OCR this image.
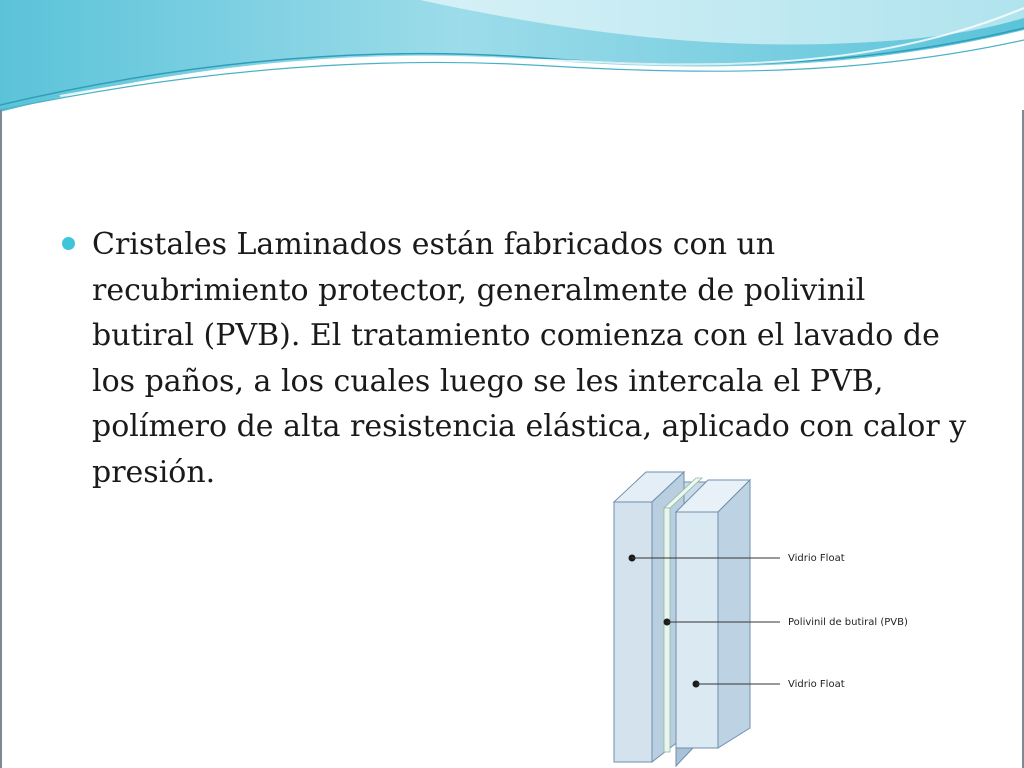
Cristales Laminados están fabricados con un recubrimiento protector, generalmente de polivinil butiral (PVB). El tratamiento comienza con el lavado de los paños, a los cuales luego se les intercala el PVB, polímero de alta resistencia elástica, aplicado con calor y presión.

Vidrio Float
Polivinil de butiral (PVB)
Vidrio Float
